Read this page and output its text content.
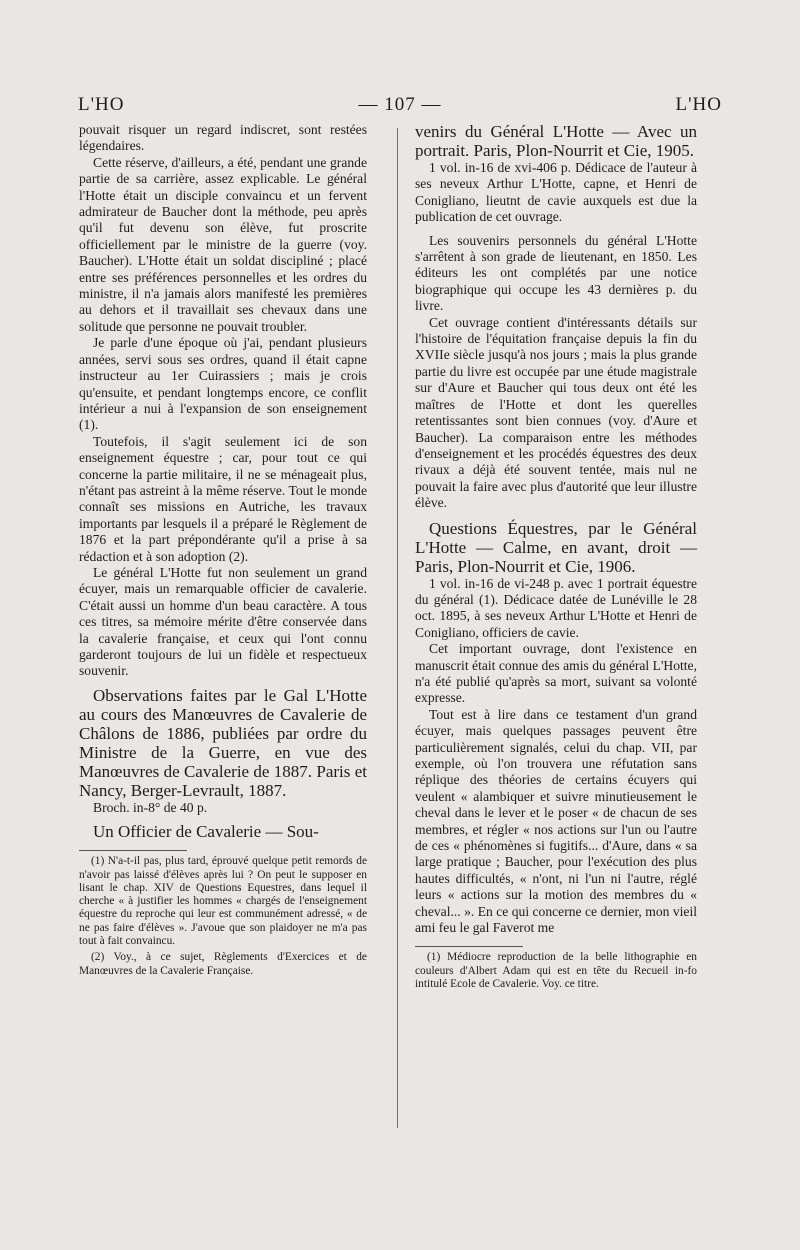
L'HO	— 107 —	L'HO

pouvait risquer un regard indiscret, sont restées légendaires.

Cette réserve, d'ailleurs, a été, pendant une grande partie de sa carrière, assez explicable. Le général l'Hotte était un disciple convaincu et un fervent admirateur de Baucher dont la méthode, peu après qu'il fut devenu son élève, fut proscrite officiellement par le ministre de la guerre (voy. Baucher). L'Hotte était un soldat discipliné ; placé entre ses préférences personnelles et les ordres du ministre, il n'a jamais alors manifesté les premières au dehors et il travaillait ses chevaux dans une solitude que personne ne pouvait troubler.

Je parle d'une époque où j'ai, pendant plusieurs années, servi sous ses ordres, quand il était capne instructeur au 1er Cuirassiers ; mais je crois qu'ensuite, et pendant longtemps encore, ce conflit intérieur a nui à l'expansion de son enseignement (1).

Toutefois, il s'agit seulement ici de son enseignement équestre ; car, pour tout ce qui concerne la partie militaire, il ne se ménageait plus, n'étant pas astreint à la même réserve. Tout le monde connaît ses missions en Autriche, les travaux importants par lesquels il a préparé le Règlement de 1876 et la part prépondérante qu'il a prise à sa rédaction et à son adoption (2).

Le général L'Hotte fut non seulement un grand écuyer, mais un remarquable officier de cavalerie. C'était aussi un homme d'un beau caractère. A tous ces titres, sa mémoire mérite d'être conservée dans la cavalerie française, et ceux qui l'ont connu garderont toujours de lui un fidèle et respectueux souvenir.

Observations faites par le Gal L'Hotte au cours des Manœuvres de Cavalerie de Châlons de 1886, publiées par ordre du Ministre de la Guerre, en vue des Manœuvres de Cavalerie de 1887. Paris et Nancy, Berger-Levrault, 1887.

Broch. in-8° de 40 p.

Un Officier de Cavalerie — Sou-

(1) N'a-t-il pas, plus tard, éprouvé quelque petit remords de n'avoir pas laissé d'élèves après lui ? On peut le supposer en lisant le chap. XIV de Questions Equestres, dans lequel il cherche « à justifier les hommes « chargés de l'enseignement équestre du reproche qui leur est communément adressé, « de ne pas faire d'élèves ». J'avoue que son plaidoyer ne m'a pas tout à fait convaincu.

(2) Voy., à ce sujet, Règlements d'Exercices et de Manœuvres de la Cavalerie Française.

venirs du Général L'Hotte — Avec un portrait. Paris, Plon-Nourrit et Cie, 1905.

1 vol. in-16 de xvi-406 p. Dédicace de l'auteur à ses neveux Arthur L'Hotte, capne, et Henri de Conigliano, lieutnt de cavie auxquels est due la publication de cet ouvrage.

Les souvenirs personnels du général L'Hotte s'arrêtent à son grade de lieutenant, en 1850. Les éditeurs les ont complétés par une notice biographique qui occupe les 43 dernières p. du livre.

Cet ouvrage contient d'intéressants détails sur l'histoire de l'équitation française depuis la fin du XVIIe siècle jusqu'à nos jours ; mais la plus grande partie du livre est occupée par une étude magistrale sur d'Aure et Baucher qui tous deux ont été les maîtres de l'Hotte et dont les querelles retentissantes sont bien connues (voy. d'Aure et Baucher). La comparaison entre les méthodes d'enseignement et les procédés équestres des deux rivaux a déjà été souvent tentée, mais nul ne pouvait la faire avec plus d'autorité que leur illustre élève.

Questions Équestres, par le Général L'Hotte — Calme, en avant, droit — Paris, Plon-Nourrit et Cie, 1906.

1 vol. in-16 de vi-248 p. avec 1 portrait équestre du général (1). Dédicace datée de Lunéville le 28 oct. 1895, à ses neveux Arthur L'Hotte et Henri de Conigliano, officiers de cavie.

Cet important ouvrage, dont l'existence en manuscrit était connue des amis du général L'Hotte, n'a été publié qu'après sa mort, suivant sa volonté expresse.

Tout est à lire dans ce testament d'un grand écuyer, mais quelques passages peuvent être particulièrement signalés, celui du chap. VII, par exemple, où l'on trouvera une réfutation sans réplique des théories de certains écuyers qui veulent « alambiquer et suivre minutieusement le cheval dans le lever et le poser « de chacun de ses membres, et régler « nos actions sur l'un ou l'autre de ces « phénomènes si fugitifs... d'Aure, dans « sa large pratique ; Baucher, pour l'exécution des plus hautes difficultés, « n'ont, ni l'un ni l'autre, réglé leurs « actions sur la motion des membres du « cheval... ». En ce qui concerne ce dernier, mon vieil ami feu le gal Faverot me

(1) Médiocre reproduction de la belle lithographie en couleurs d'Albert Adam qui est en tête du Recueil in-fo intitulé Ecole de Cavalerie. Voy. ce titre.
